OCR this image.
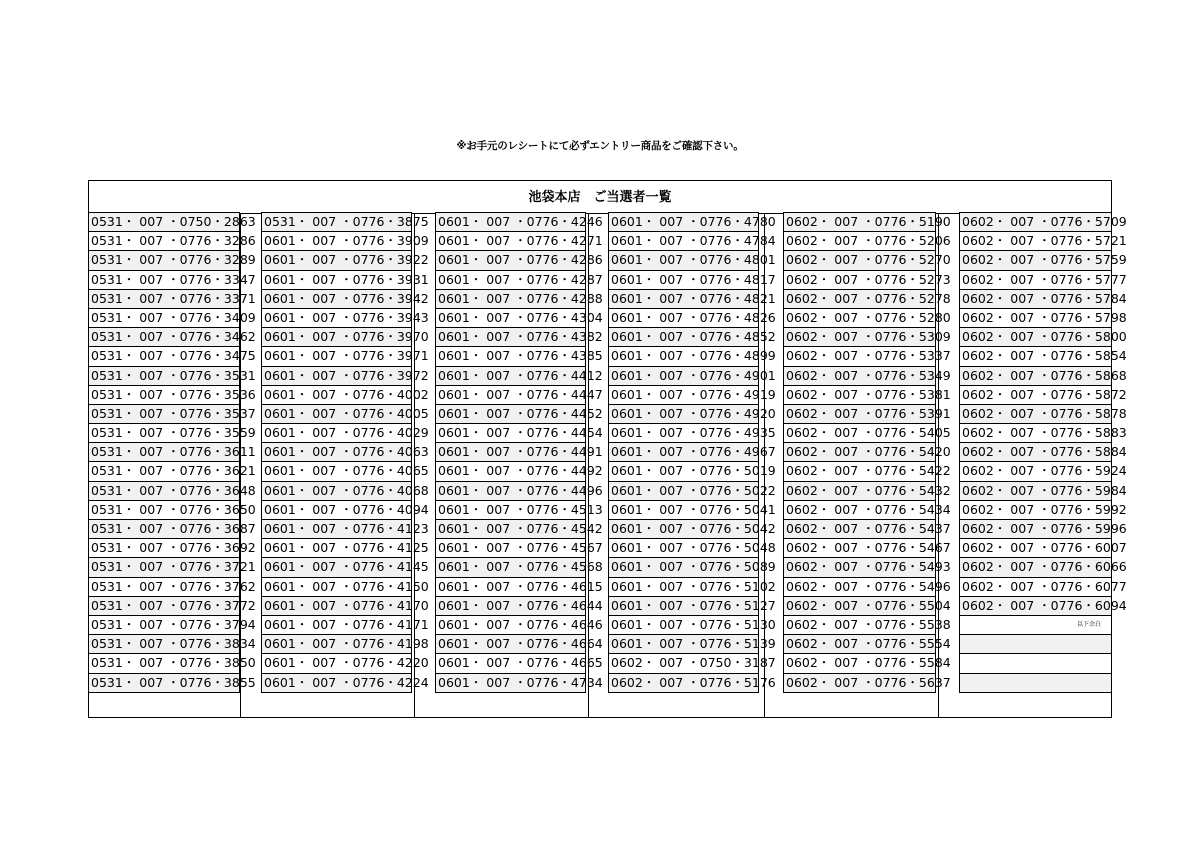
※お手元のレシートにて必ずエントリー商品をご確認下さい。
池袋本店　ご当選者一覧
0531・ 007 ・0750・2863
0531・ 007 ・0776・3286
0531・ 007 ・0776・3289
0531・ 007 ・0776・3347
0531・ 007 ・0776・3371
0531・ 007 ・0776・3409
0531・ 007 ・0776・3462
0531・ 007 ・0776・3475
0531・ 007 ・0776・3531
0531・ 007 ・0776・3536
0531・ 007 ・0776・3537
0531・ 007 ・0776・3559
0531・ 007 ・0776・3611
0531・ 007 ・0776・3621
0531・ 007 ・0776・3648
0531・ 007 ・0776・3650
0531・ 007 ・0776・3687
0531・ 007 ・0776・3692
0531・ 007 ・0776・3721
0531・ 007 ・0776・3762
0531・ 007 ・0776・3772
0531・ 007 ・0776・3794
0531・ 007 ・0776・3834
0531・ 007 ・0776・3850
0531・ 007 ・0776・3855
0531・ 007 ・0776・3875
0601・ 007 ・0776・3909
0601・ 007 ・0776・3922
0601・ 007 ・0776・3931
0601・ 007 ・0776・3942
0601・ 007 ・0776・3943
0601・ 007 ・0776・3970
0601・ 007 ・0776・3971
0601・ 007 ・0776・3972
0601・ 007 ・0776・4002
0601・ 007 ・0776・4005
0601・ 007 ・0776・4029
0601・ 007 ・0776・4063
0601・ 007 ・0776・4065
0601・ 007 ・0776・4068
0601・ 007 ・0776・4094
0601・ 007 ・0776・4123
0601・ 007 ・0776・4125
0601・ 007 ・0776・4145
0601・ 007 ・0776・4150
0601・ 007 ・0776・4170
0601・ 007 ・0776・4171
0601・ 007 ・0776・4198
0601・ 007 ・0776・4220
0601・ 007 ・0776・4224
0601・ 007 ・0776・4246
0601・ 007 ・0776・4271
0601・ 007 ・0776・4286
0601・ 007 ・0776・4287
0601・ 007 ・0776・4288
0601・ 007 ・0776・4304
0601・ 007 ・0776・4382
0601・ 007 ・0776・4385
0601・ 007 ・0776・4412
0601・ 007 ・0776・4447
0601・ 007 ・0776・4452
0601・ 007 ・0776・4454
0601・ 007 ・0776・4491
0601・ 007 ・0776・4492
0601・ 007 ・0776・4496
0601・ 007 ・0776・4513
0601・ 007 ・0776・4542
0601・ 007 ・0776・4567
0601・ 007 ・0776・4568
0601・ 007 ・0776・4615
0601・ 007 ・0776・4644
0601・ 007 ・0776・4646
0601・ 007 ・0776・4664
0601・ 007 ・0776・4665
0601・ 007 ・0776・4734
0601・ 007 ・0776・4780
0601・ 007 ・0776・4784
0601・ 007 ・0776・4801
0601・ 007 ・0776・4817
0601・ 007 ・0776・4821
0601・ 007 ・0776・4826
0601・ 007 ・0776・4852
0601・ 007 ・0776・4899
0601・ 007 ・0776・4901
0601・ 007 ・0776・4919
0601・ 007 ・0776・4920
0601・ 007 ・0776・4935
0601・ 007 ・0776・4967
0601・ 007 ・0776・5019
0601・ 007 ・0776・5022
0601・ 007 ・0776・5041
0601・ 007 ・0776・5042
0601・ 007 ・0776・5048
0601・ 007 ・0776・5089
0601・ 007 ・0776・5102
0601・ 007 ・0776・5127
0601・ 007 ・0776・5130
0601・ 007 ・0776・5139
0602・ 007 ・0750・3187
0602・ 007 ・0776・5176
0602・ 007 ・0776・5190
0602・ 007 ・0776・5206
0602・ 007 ・0776・5270
0602・ 007 ・0776・5273
0602・ 007 ・0776・5278
0602・ 007 ・0776・5280
0602・ 007 ・0776・5309
0602・ 007 ・0776・5337
0602・ 007 ・0776・5349
0602・ 007 ・0776・5381
0602・ 007 ・0776・5391
0602・ 007 ・0776・5405
0602・ 007 ・0776・5420
0602・ 007 ・0776・5422
0602・ 007 ・0776・5432
0602・ 007 ・0776・5434
0602・ 007 ・0776・5437
0602・ 007 ・0776・5467
0602・ 007 ・0776・5493
0602・ 007 ・0776・5496
0602・ 007 ・0776・5504
0602・ 007 ・0776・5538
0602・ 007 ・0776・5554
0602・ 007 ・0776・5584
0602・ 007 ・0776・5637
0602・ 007 ・0776・5709
0602・ 007 ・0776・5721
0602・ 007 ・0776・5759
0602・ 007 ・0776・5777
0602・ 007 ・0776・5784
0602・ 007 ・0776・5798
0602・ 007 ・0776・5800
0602・ 007 ・0776・5854
0602・ 007 ・0776・5868
0602・ 007 ・0776・5872
0602・ 007 ・0776・5878
0602・ 007 ・0776・5883
0602・ 007 ・0776・5884
0602・ 007 ・0776・5924
0602・ 007 ・0776・5984
0602・ 007 ・0776・5992
0602・ 007 ・0776・5996
0602・ 007 ・0776・6007
0602・ 007 ・0776・6066
0602・ 007 ・0776・6077
0602・ 007 ・0776・6094
以下余白
